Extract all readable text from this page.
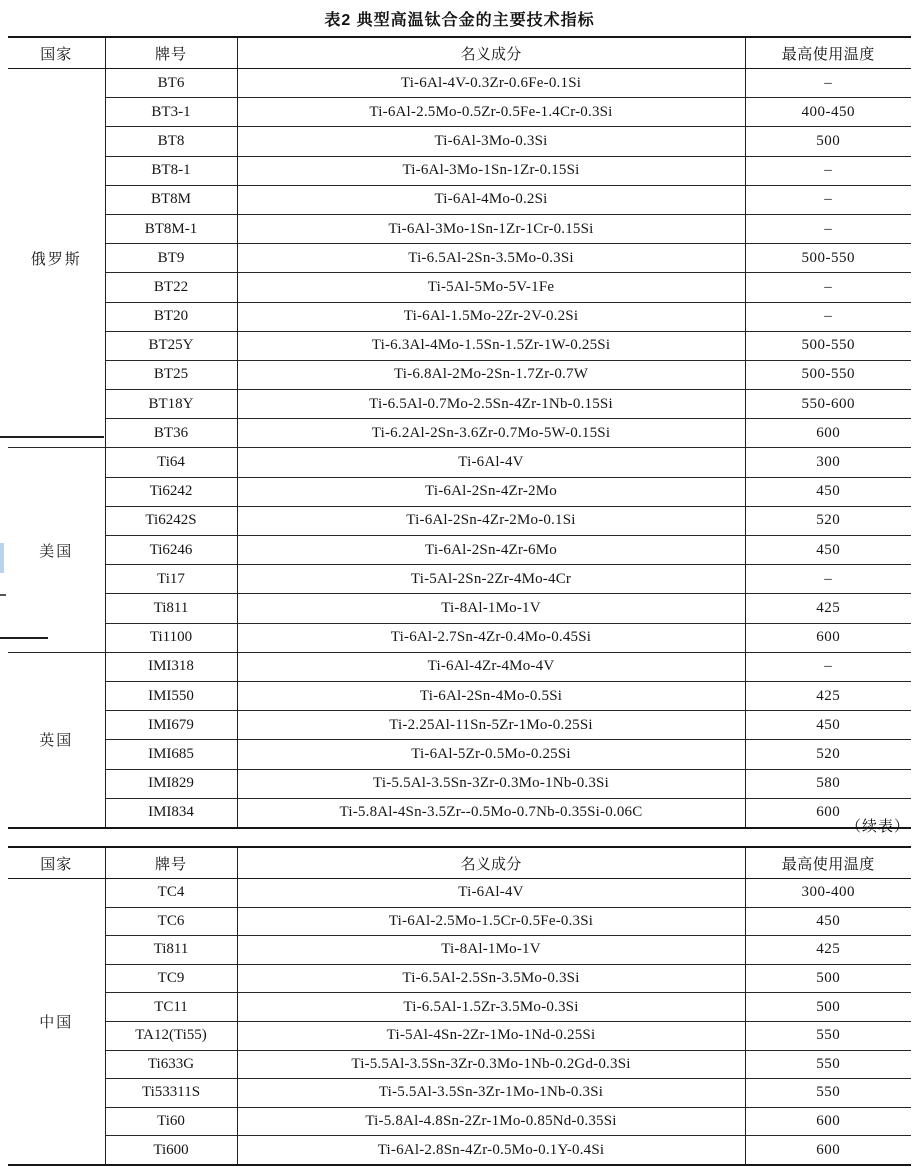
表2 典型高温钛合金的主要技术指标
国家	牌号	名义成分	最高使用温度
俄罗斯	BT6	Ti-6Al-4V-0.3Zr-0.6Fe-0.1Si	–
	BT3-1	Ti-6Al-2.5Mo-0.5Zr-0.5Fe-1.4Cr-0.3Si	400-450
	BT8	Ti-6Al-3Mo-0.3Si	500
	BT8-1	Ti-6Al-3Mo-1Sn-1Zr-0.15Si	–
	BT8M	Ti-6Al-4Mo-0.2Si	–
	BT8M-1	Ti-6Al-3Mo-1Sn-1Zr-1Cr-0.15Si	–
	BT9	Ti-6.5Al-2Sn-3.5Mo-0.3Si	500-550
	BT22	Ti-5Al-5Mo-5V-1Fe	–
	BT20	Ti-6Al-1.5Mo-2Zr-2V-0.2Si	–
	BT25Y	Ti-6.3Al-4Mo-1.5Sn-1.5Zr-1W-0.25Si	500-550
	BT25	Ti-6.8Al-2Mo-2Sn-1.7Zr-0.7W	500-550
	BT18Y	Ti-6.5Al-0.7Mo-2.5Sn-4Zr-1Nb-0.15Si	550-600
	BT36	Ti-6.2Al-2Sn-3.6Zr-0.7Mo-5W-0.15Si	600
美国	Ti64	Ti-6Al-4V	300
	Ti6242	Ti-6Al-2Sn-4Zr-2Mo	450
	Ti6242S	Ti-6Al-2Sn-4Zr-2Mo-0.1Si	520
	Ti6246	Ti-6Al-2Sn-4Zr-6Mo	450
	Ti17	Ti-5Al-2Sn-2Zr-4Mo-4Cr	–
	Ti811	Ti-8Al-1Mo-1V	425
	Ti1100	Ti-6Al-2.7Sn-4Zr-0.4Mo-0.45Si	600
英国	IMI318	Ti-6Al-4Zr-4Mo-4V	–
	IMI550	Ti-6Al-2Sn-4Mo-0.5Si	425
	IMI679	Ti-2.25Al-11Sn-5Zr-1Mo-0.25Si	450
	IMI685	Ti-6Al-5Zr-0.5Mo-0.25Si	520
	IMI829	Ti-5.5Al-3.5Sn-3Zr-0.3Mo-1Nb-0.3Si	580
	IMI834	Ti-5.8Al-4Sn-3.5Zr--0.5Mo-0.7Nb-0.35Si-0.06C	600
（续表）
国家	牌号	名义成分	最高使用温度
中国	TC4	Ti-6Al-4V	300-400
	TC6	Ti-6Al-2.5Mo-1.5Cr-0.5Fe-0.3Si	450
	Ti811	Ti-8Al-1Mo-1V	425
	TC9	Ti-6.5Al-2.5Sn-3.5Mo-0.3Si	500
	TC11	Ti-6.5Al-1.5Zr-3.5Mo-0.3Si	500
	TA12(Ti55)	Ti-5Al-4Sn-2Zr-1Mo-1Nd-0.25Si	550
	Ti633G	Ti-5.5Al-3.5Sn-3Zr-0.3Mo-1Nb-0.2Gd-0.3Si	550
	Ti53311S	Ti-5.5Al-3.5Sn-3Zr-1Mo-1Nb-0.3Si	550
	Ti60	Ti-5.8Al-4.8Sn-2Zr-1Mo-0.85Nd-0.35Si	600
	Ti600	Ti-6Al-2.8Sn-4Zr-0.5Mo-0.1Y-0.4Si	600
